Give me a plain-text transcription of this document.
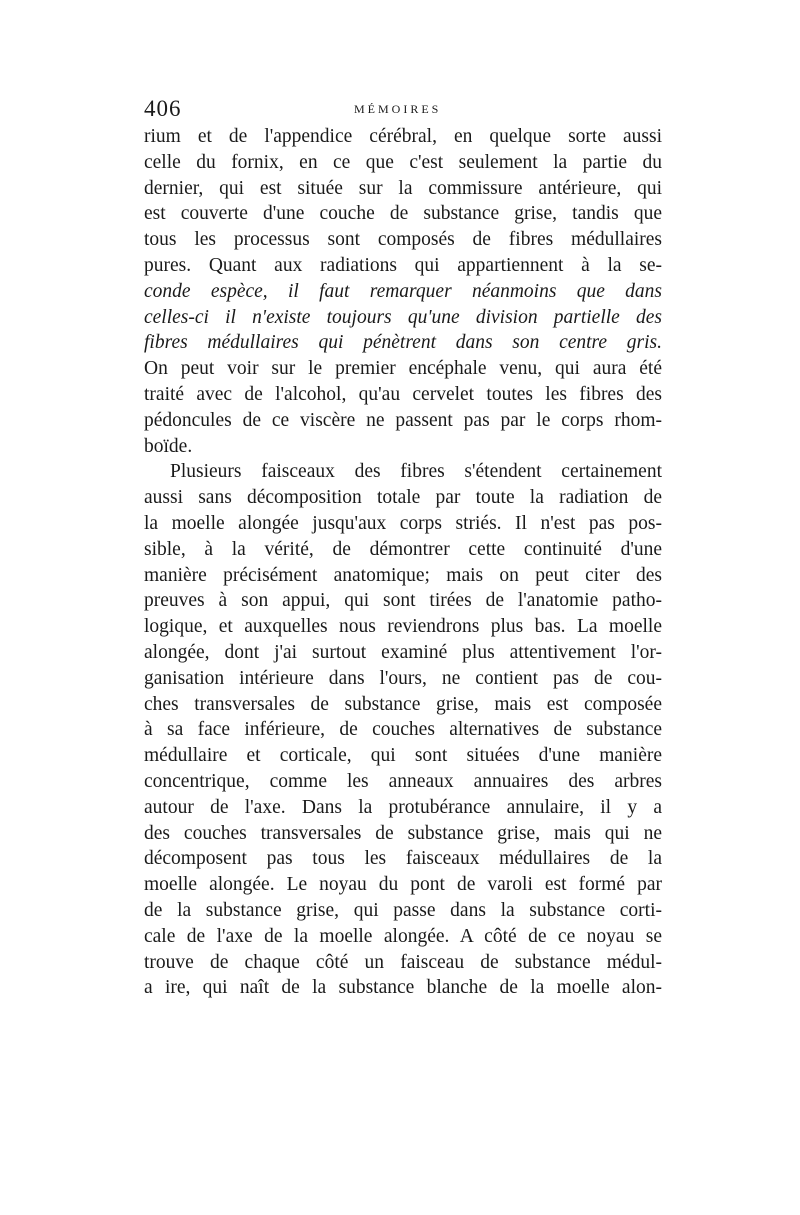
406	MÉMOIRES
rium et de l'appendice cérébral, en quelque sorte aussi
celle du fornix, en ce que c'est seulement la partie du
dernier, qui est située sur la commissure antérieure, qui
est couverte d'une couche de substance grise, tandis que
tous les processus sont composés de fibres médullaires
pures. Quant aux radiations qui appartiennent à la se-
conde espèce, il faut remarquer néanmoins que dans
celles-ci il n'existe toujours qu'une division partielle des
fibres médullaires qui pénètrent dans son centre gris.
On peut voir sur le premier encéphale venu, qui aura été
traité avec de l'alcohol, qu'au cervelet toutes les fibres des
pédoncules de ce viscère ne passent pas par le corps rhom-
boïde.
Plusieurs faisceaux des fibres s'étendent certainement
aussi sans décomposition totale par toute la radiation de
la moelle alongée jusqu'aux corps striés. Il n'est pas pos-
sible, à la vérité, de démontrer cette continuité d'une
manière précisément anatomique; mais on peut citer des
preuves à son appui, qui sont tirées de l'anatomie patho-
logique, et auxquelles nous reviendrons plus bas. La moelle
alongée, dont j'ai surtout examiné plus attentivement l'or-
ganisation intérieure dans l'ours, ne contient pas de cou-
ches transversales de substance grise, mais est composée
à sa face inférieure, de couches alternatives de substance
médullaire et corticale, qui sont situées d'une manière
concentrique, comme les anneaux annuaires des arbres
autour de l'axe. Dans la protubérance annulaire, il y a
des couches transversales de substance grise, mais qui ne
décomposent pas tous les faisceaux médullaires de la
moelle alongée. Le noyau du pont de varoli est formé par
de la substance grise, qui passe dans la substance corti-
cale de l'axe de la moelle alongée. A côté de ce noyau se
trouve de chaque côté un faisceau de substance médul-
a ire, qui naît de la substance blanche de la moelle alon-
